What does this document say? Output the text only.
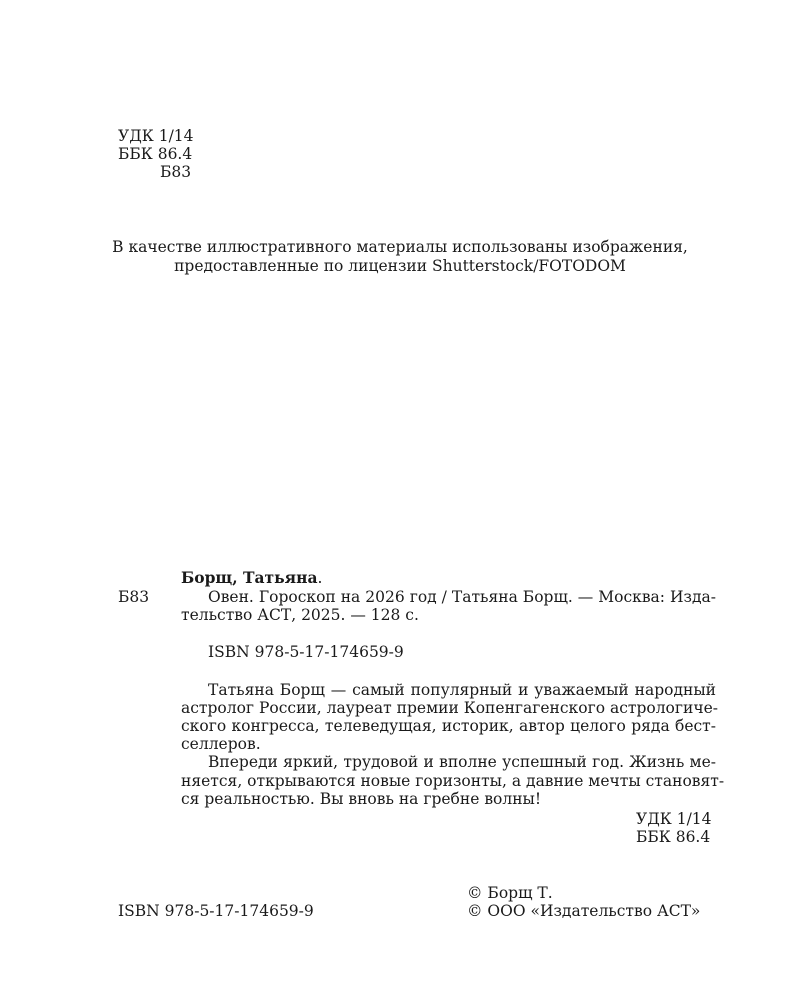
УДК 1/14
ББК 86.4
Б83
В качестве иллюстративного материалы использованы изображения,
предоставленные по лицензии Shutterstock/FOTODOM
Борщ, Татьяна.
Б83	Овен. Гороскоп на 2026 год / Татьяна Борщ. — Москва: Изда-
тельство АСТ, 2025. — 128 с.
ISBN 978-5-17-174659-9
Татьяна Борщ — самый популярный и уважаемый народный
астролог России, лауреат премии Копенгагенского астрологиче-
ского конгресса, телеведущая, историк, автор целого ряда бест-
селлеров.
Впереди яркий, трудовой и вполне успешный год. Жизнь ме-
няется, открываются новые горизонты, а давние мечты становят-
ся реальностью. Вы вновь на гребне волны!
УДК 1/14
ББК 86.4
© Борщ Т.
ISBN 978-5-17-174659-9	© ООО «Издательство АСТ»
